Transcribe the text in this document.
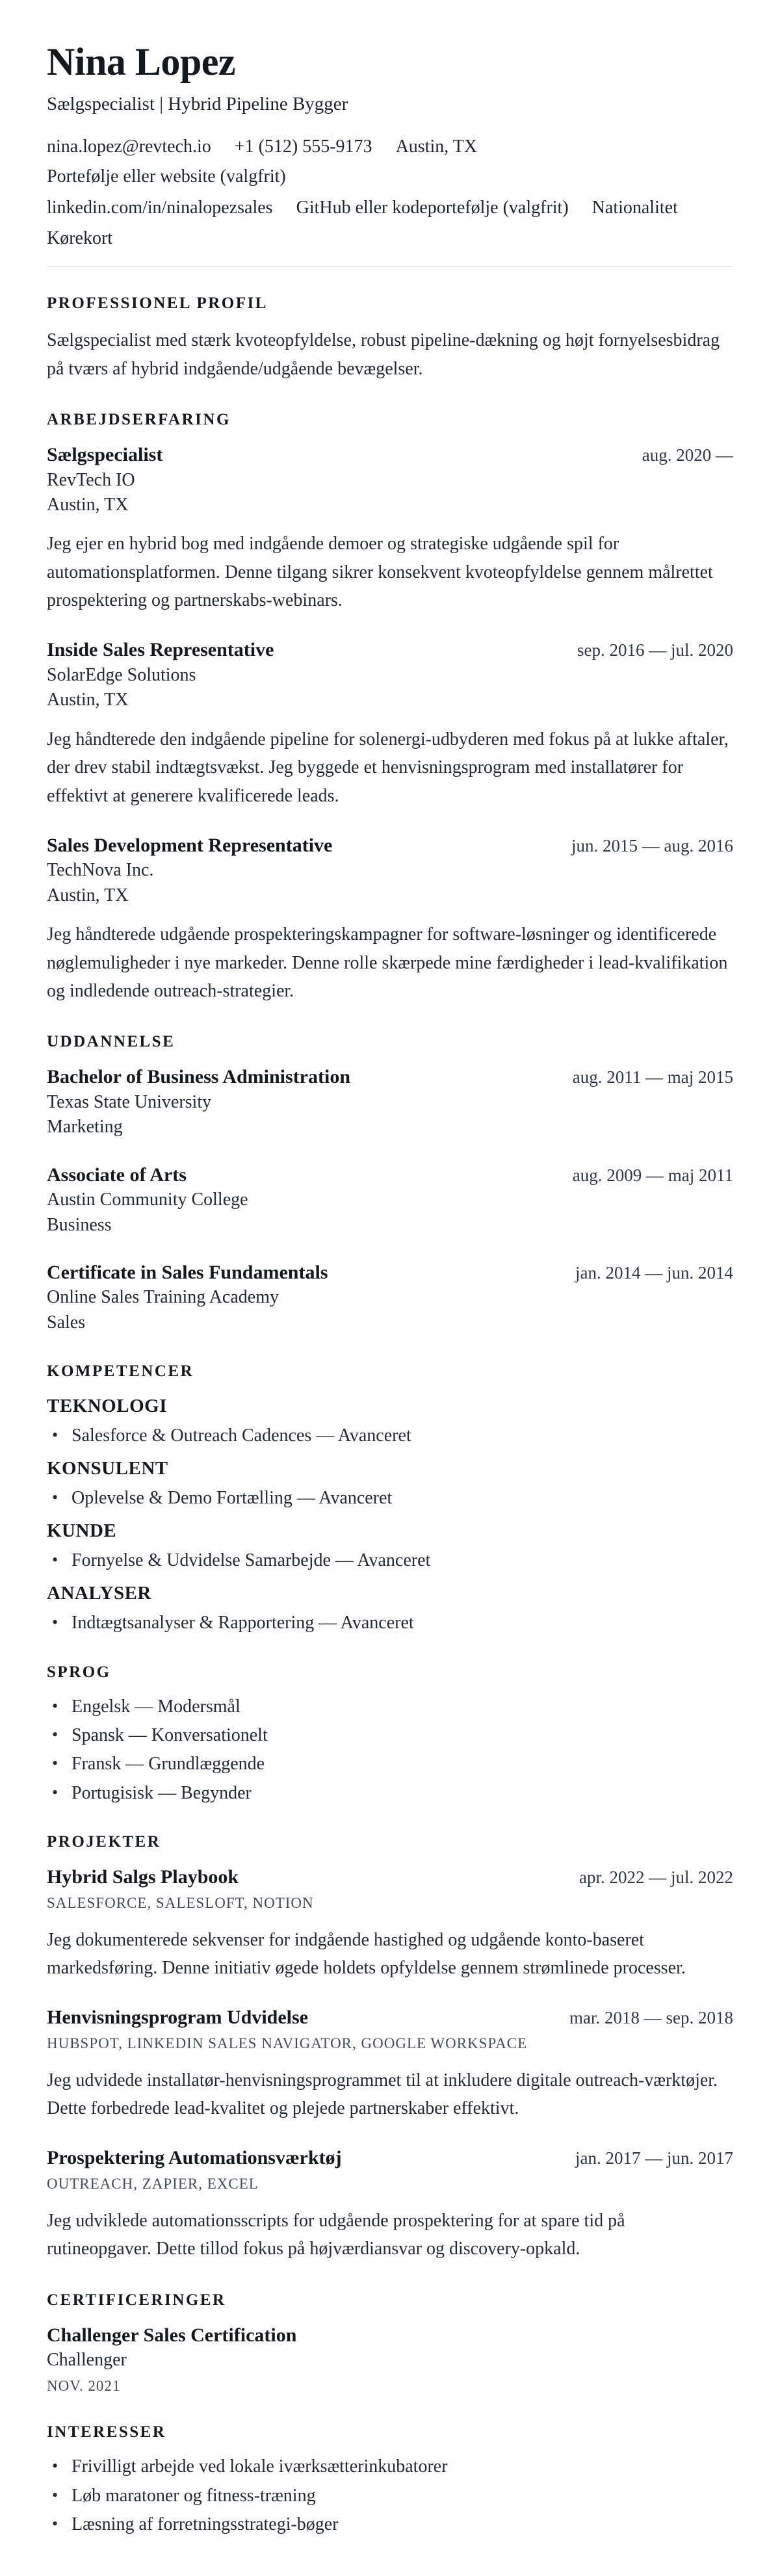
Nina Lopez
Sælgspecialist | Hybrid Pipeline Bygger
nina.lopez@revtech.io +1 (512) 555-9173 Austin, TX
Portefølje eller website (valgfrit)
linkedin.com/in/ninalopezsales GitHub eller kodeportefølje (valgfrit) Nationalitet
Kørekort
PROFESSIONEL PROFIL

Sælgspecialist med stærk kvoteopfyldelse, robust pipeline-dækning og højt fornyelsesbidrag på tværs af hybrid indgående/udgående bevægelser.

ARBEJDSERFARING
Sælgspecialist	aug. 2020 —
RevTech IO
Austin, TX

Jeg ejer en hybrid bog med indgående demoer og strategiske udgående spil for automationsplatformen. Denne tilgang sikrer konsekvent kvoteopfyldelse gennem målrettet prospektering og partnerskabs-webinars.

Inside Sales Representative	sep. 2016 — jul. 2020
SolarEdge Solutions
Austin, TX

Jeg håndterede den indgående pipeline for solenergi-udbyderen med fokus på at lukke aftaler, der drev stabil indtægtsvækst. Jeg byggede et henvisningsprogram med installatører for effektivt at generere kvalificerede leads.

Sales Development Representative	jun. 2015 — aug. 2016
TechNova Inc.
Austin, TX

Jeg håndterede udgående prospekteringskampagner for software-løsninger og identificerede nøglemuligheder i nye markeder. Denne rolle skærpede mine færdigheder i lead-kvalifikation og indledende outreach-strategier.

UDDANNELSE
Bachelor of Business Administration	aug. 2011 — maj 2015
Texas State University
Marketing
Associate of Arts	aug. 2009 — maj 2011
Austin Community College
Business
Certificate in Sales Fundamentals	jan. 2014 — jun. 2014
Online Sales Training Academy
Sales
KOMPETENCER
TEKNOLOGI
• Salesforce & Outreach Cadences — Avanceret
KONSULENT
• Oplevelse & Demo Fortælling — Avanceret
KUNDE
• Fornyelse & Udvidelse Samarbejde — Avanceret
ANALYSER
• Indtægtsanalyser & Rapportering — Avanceret
SPROG
• Engelsk — Modersmål
• Spansk — Konversationelt
• Fransk — Grundlæggende
• Portugisisk — Begynder
PROJEKTER
Hybrid Salgs Playbook	apr. 2022 — jul. 2022
SALESFORCE, SALESLOFT, NOTION

Jeg dokumenterede sekvenser for indgående hastighed og udgående konto-baseret markedsføring. Denne initiativ øgede holdets opfyldelse gennem strømlinede processer.

Henvisningsprogram Udvidelse	mar. 2018 — sep. 2018
HUBSPOT, LINKEDIN SALES NAVIGATOR, GOOGLE WORKSPACE

Jeg udvidede installatør-henvisningsprogrammet til at inkludere digitale outreach-værktøjer. Dette forbedrede lead-kvalitet og plejede partnerskaber effektivt.

Prospektering Automationsværktøj	jan. 2017 — jun. 2017
OUTREACH, ZAPIER, EXCEL

Jeg udviklede automationsscripts for udgående prospektering for at spare tid på rutineopgaver. Dette tillod fokus på højværdiansvar og discovery-opkald.

CERTIFICERINGER
Challenger Sales Certification
Challenger
NOV. 2021
INTERESSER
• Frivilligt arbejde ved lokale iværksætterinkubatorer
• Løb maratoner og fitness-træning
• Læsning af forretningsstrategi-bøger
